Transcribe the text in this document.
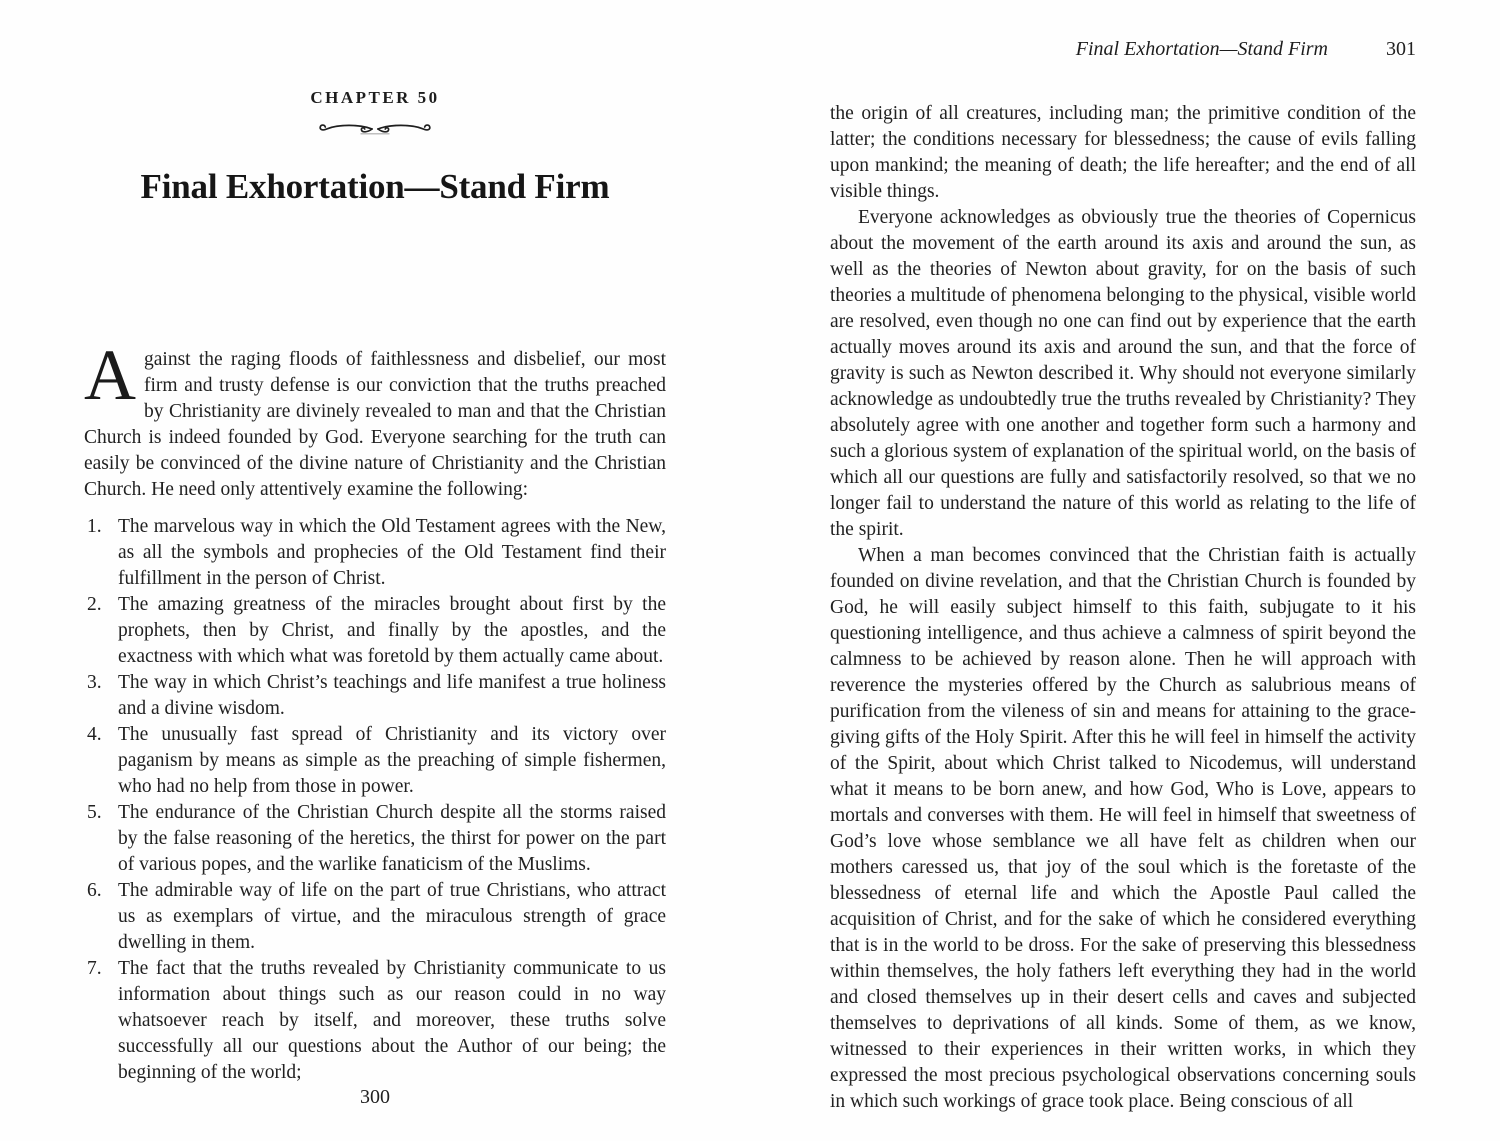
CHAPTER 50
Final Exhortation—Stand Firm
Against the raging floods of faithlessness and disbelief, our most firm and trusty defense is our conviction that the truths preached by Christianity are divinely revealed to man and that the Christian Church is indeed founded by God. Everyone searching for the truth can easily be convinced of the divine nature of Christianity and the Christian Church. He need only attentively examine the following:
1. The marvelous way in which the Old Testament agrees with the New, as all the symbols and prophecies of the Old Testament find their fulfillment in the person of Christ.
2. The amazing greatness of the miracles brought about first by the prophets, then by Christ, and finally by the apostles, and the exactness with which what was foretold by them actually came about.
3. The way in which Christ’s teachings and life manifest a true holiness and a divine wisdom.
4. The unusually fast spread of Christianity and its victory over paganism by means as simple as the preaching of simple fishermen, who had no help from those in power.
5. The endurance of the Christian Church despite all the storms raised by the false reasoning of the heretics, the thirst for power on the part of various popes, and the warlike fanaticism of the Muslims.
6. The admirable way of life on the part of true Christians, who attract us as exemplars of virtue, and the miraculous strength of grace dwelling in them.
7. The fact that the truths revealed by Christianity communicate to us information about things such as our reason could in no way whatsoever reach by itself, and moreover, these truths solve successfully all our questions about the Author of our being; the beginning of the world;
300
Final Exhortation—Stand Firm	301

the origin of all creatures, including man; the primitive condition of the latter; the conditions necessary for blessedness; the cause of evils falling upon mankind; the meaning of death; the life hereafter; and the end of all visible things.

Everyone acknowledges as obviously true the theories of Copernicus about the movement of the earth around its axis and around the sun, as well as the theories of Newton about gravity, for on the basis of such theories a multitude of phenomena belonging to the physical, visible world are resolved, even though no one can find out by experience that the earth actually moves around its axis and around the sun, and that the force of gravity is such as Newton described it. Why should not everyone similarly acknowledge as undoubtedly true the truths revealed by Christianity? They absolutely agree with one another and together form such a harmony and such a glorious system of explanation of the spiritual world, on the basis of which all our questions are fully and satisfactorily resolved, so that we no longer fail to understand the nature of this world as relating to the life of the spirit.

When a man becomes convinced that the Christian faith is actually founded on divine revelation, and that the Christian Church is founded by God, he will easily subject himself to this faith, subjugate to it his questioning intelligence, and thus achieve a calmness of spirit beyond the calmness to be achieved by reason alone. Then he will approach with reverence the mysteries offered by the Church as salubrious means of purification from the vileness of sin and means for attaining to the grace-giving gifts of the Holy Spirit. After this he will feel in himself the activity of the Spirit, about which Christ talked to Nicodemus, will understand what it means to be born anew, and how God, Who is Love, appears to mortals and converses with them. He will feel in himself that sweetness of God’s love whose semblance we all have felt as children when our mothers caressed us, that joy of the soul which is the foretaste of the blessedness of eternal life and which the Apostle Paul called the acquisition of Christ, and for the sake of which he considered everything that is in the world to be dross. For the sake of preserving this blessedness within themselves, the holy fathers left everything they had in the world and closed themselves up in their desert cells and caves and subjected themselves to deprivations of all kinds. Some of them, as we know, witnessed to their experiences in their written works, in which they expressed the most precious psychological observations concerning souls in which such workings of grace took place. Being conscious of all
